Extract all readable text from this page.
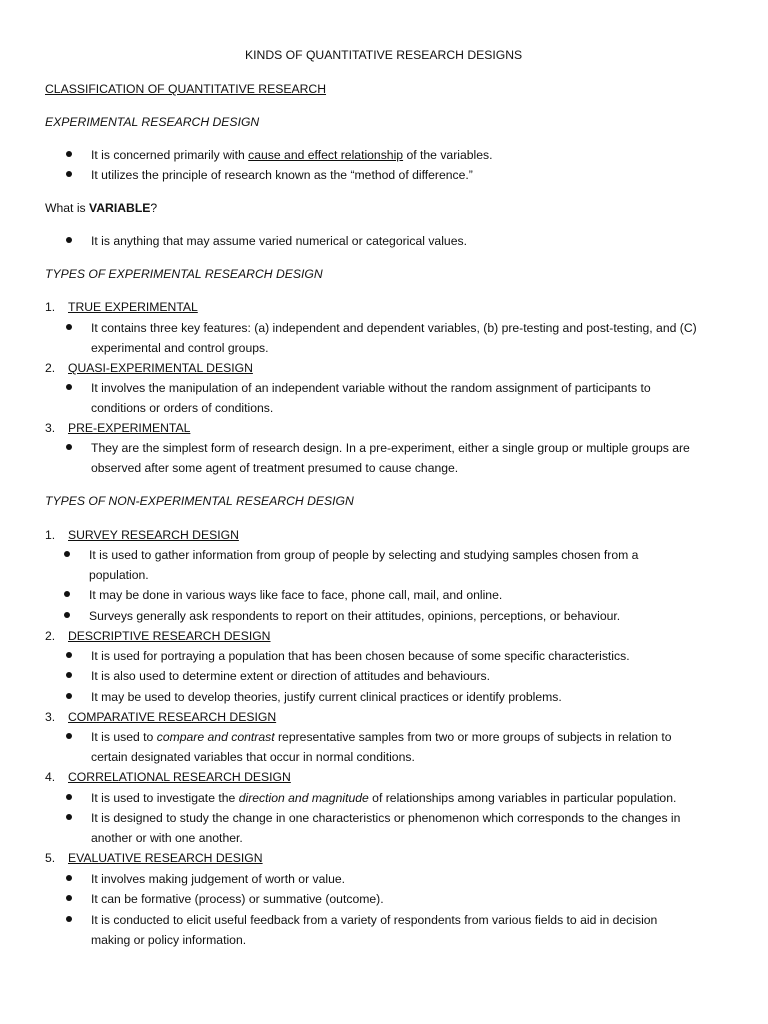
KINDS OF QUANTITATIVE RESEARCH DESIGNS
CLASSIFICATION OF QUANTITATIVE RESEARCH
EXPERIMENTAL RESEARCH DESIGN
It is concerned primarily with cause and effect relationship of the variables.
It utilizes the principle of research known as the “method of difference.”
What is VARIABLE?
It is anything that may assume varied numerical or categorical values.
TYPES OF EXPERIMENTAL RESEARCH DESIGN
1. TRUE EXPERIMENTAL
It contains three key features: (a) independent and dependent variables, (b) pre-testing and post-testing, and (C)
experimental and control groups.
2. QUASI-EXPERIMENTAL DESIGN
It involves the manipulation of an independent variable without the random assignment of participants to
conditions or orders of conditions.
3. PRE-EXPERIMENTAL
They are the simplest form of research design. In a pre-experiment, either a single group or multiple groups are
observed after some agent of treatment presumed to cause change.
TYPES OF NON-EXPERIMENTAL RESEARCH DESIGN
1. SURVEY RESEARCH DESIGN
It is used to gather information from group of people by selecting and studying samples chosen from a
population.
It may be done in various ways like face to face, phone call, mail, and online.
Surveys generally ask respondents to report on their attitudes, opinions, perceptions, or behaviour.
2. DESCRIPTIVE RESEARCH DESIGN
It is used for portraying a population that has been chosen because of some specific characteristics.
It is also used to determine extent or direction of attitudes and behaviours.
It may be used to develop theories, justify current clinical practices or identify problems.
3. COMPARATIVE RESEARCH DESIGN
It is used to compare and contrast representative samples from two or more groups of subjects in relation to
certain designated variables that occur in normal conditions.
4. CORRELATIONAL RESEARCH DESIGN
It is used to investigate the direction and magnitude of relationships among variables in particular population.
It is designed to study the change in one characteristics or phenomenon which corresponds to the changes in
another or with one another.
5. EVALUATIVE RESEARCH DESIGN
It involves making judgement of worth or value.
It can be formative (process) or summative (outcome).
It is conducted to elicit useful feedback from a variety of respondents from various fields to aid in decision
making or policy information.
